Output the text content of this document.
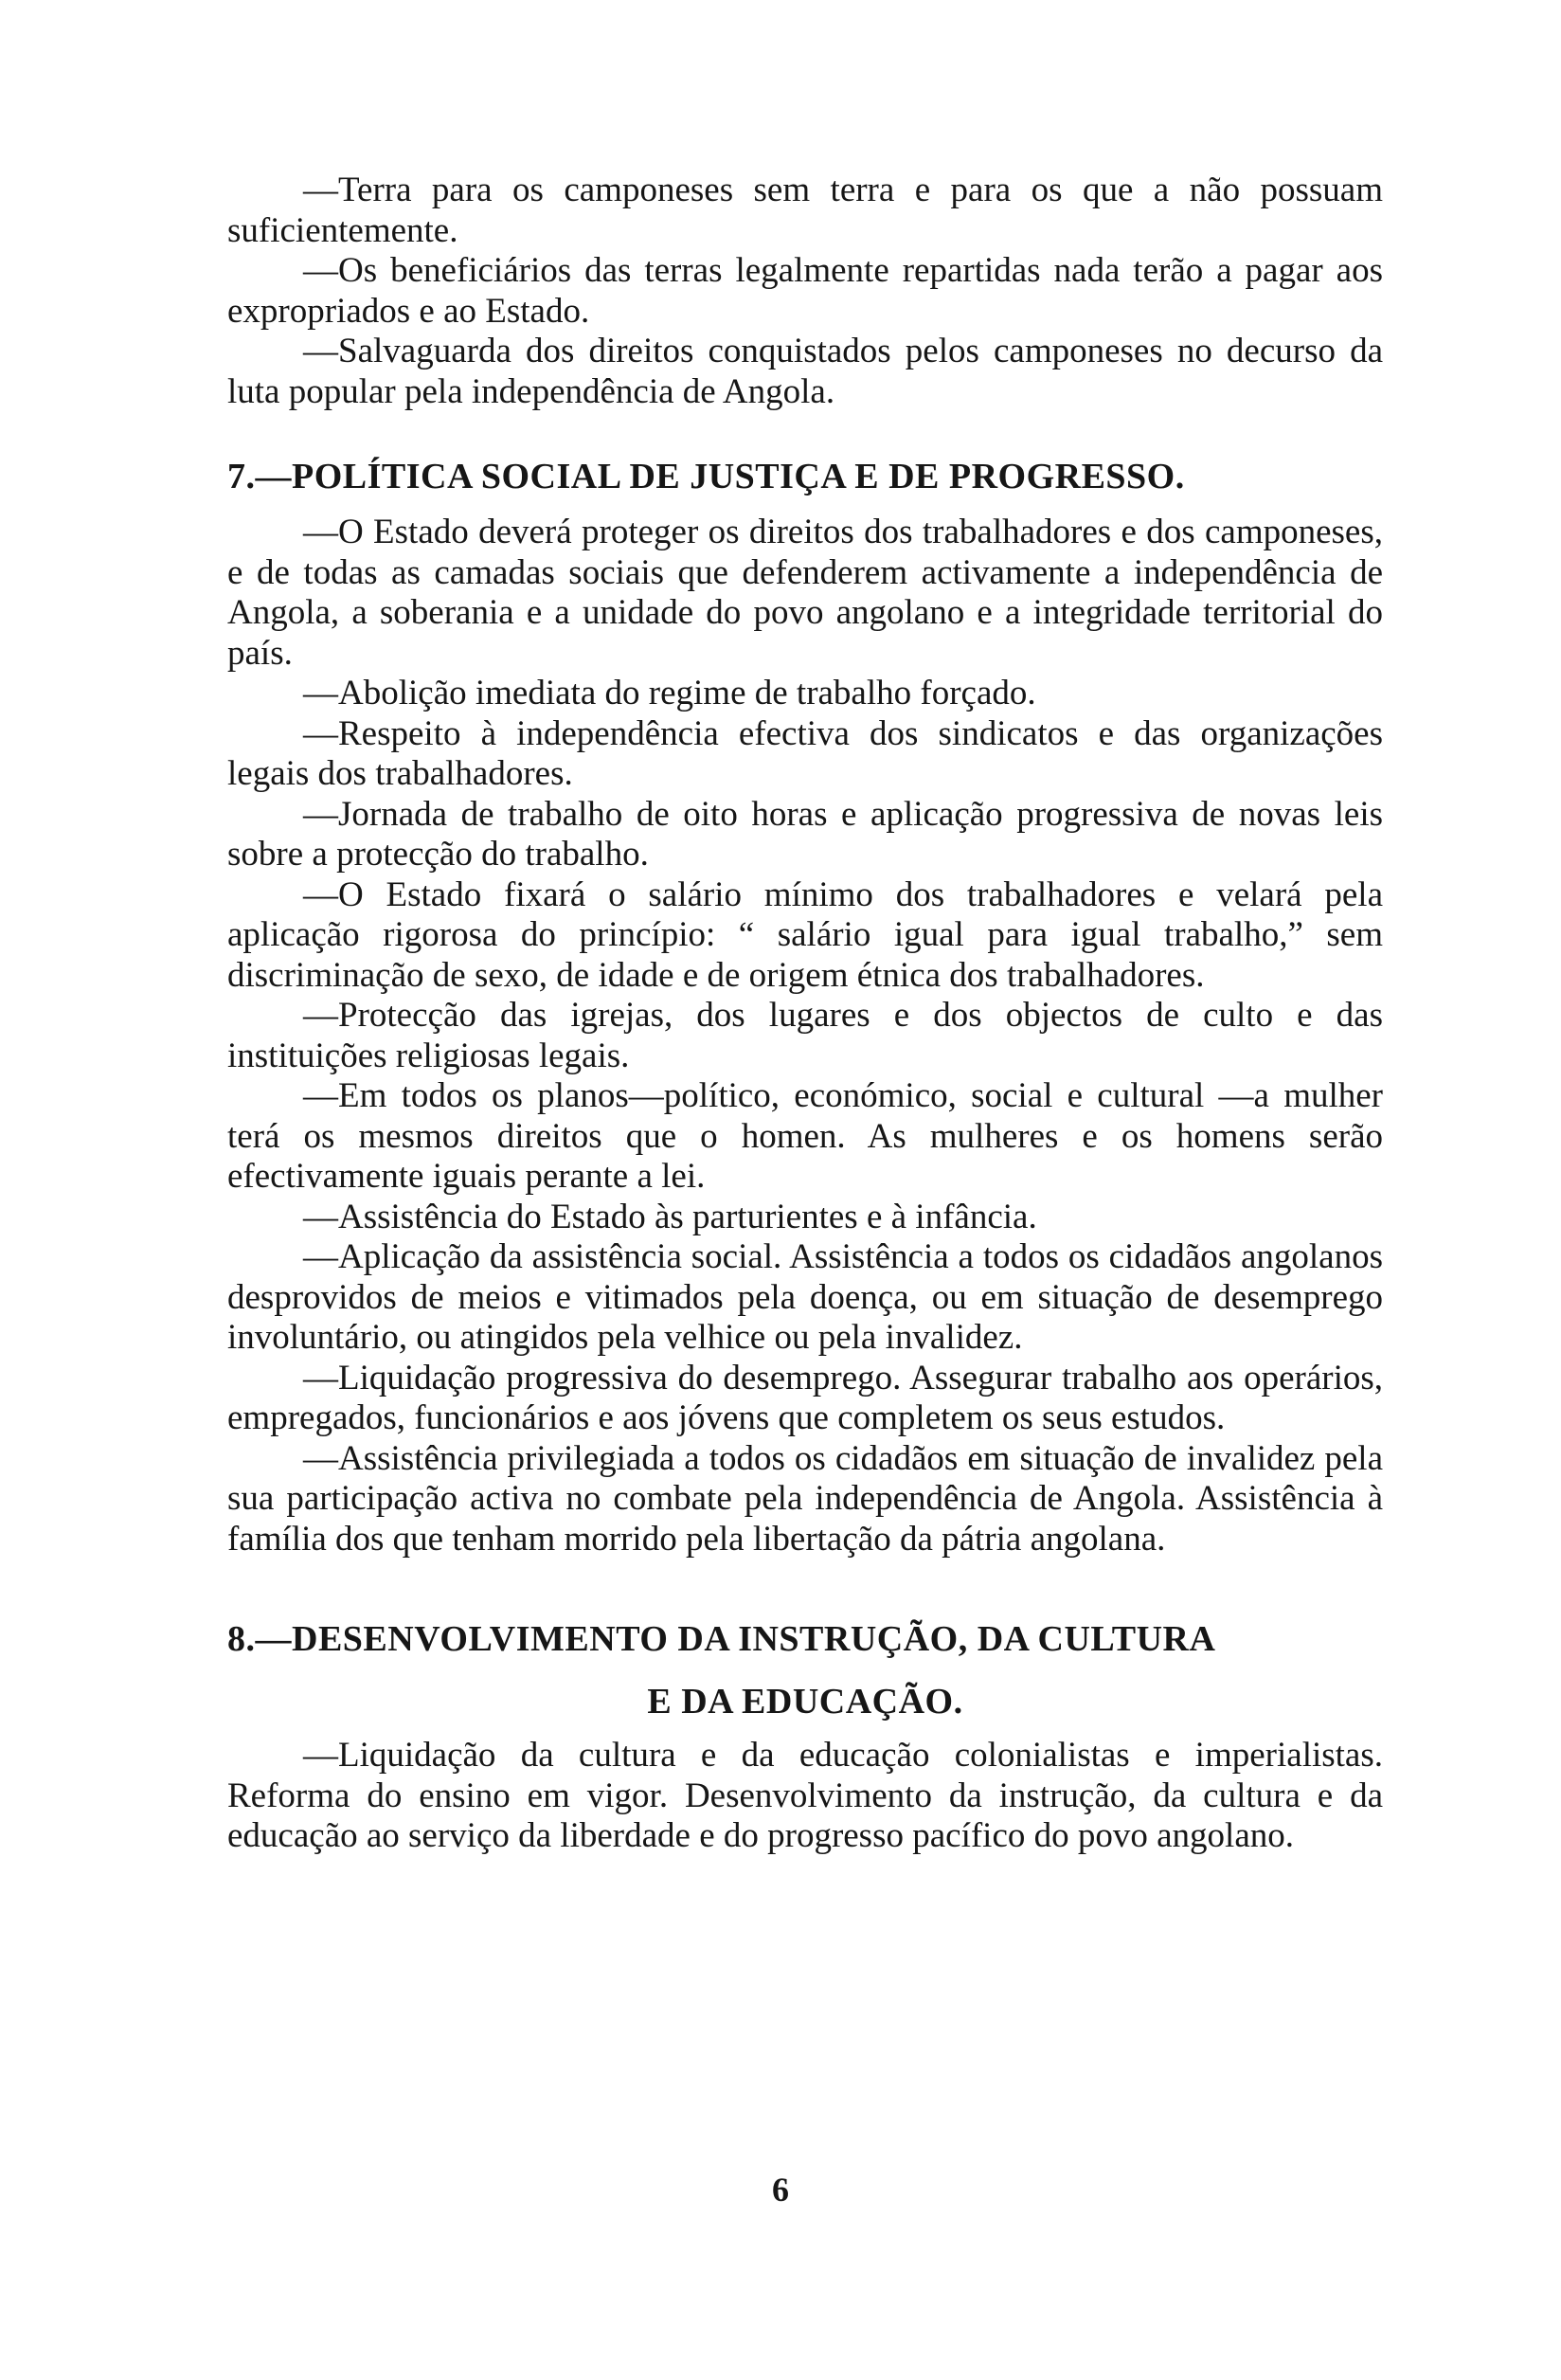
—Terra para os camponeses sem terra e para os que a não possuam suficientemente.

—Os beneficiários das terras legalmente repartidas nada terão a pagar aos expropriados e ao Estado.

—Salvaguarda dos direitos conquistados pelos camponeses no decurso da luta popular pela independência de Angola.

7.—POLÍTICA SOCIAL DE JUSTIÇA E DE PROGRESSO.

—O Estado deverá proteger os direitos dos trabalhadores e dos camponeses, e de todas as camadas sociais que defenderem activamente a independência de Angola, a soberania e a unidade do povo angolano e a integridade territorial do país.

—Abolição imediata do regime de trabalho forçado.

—Respeito à independência efectiva dos sindicatos e das organizações legais dos trabalhadores.

—Jornada de trabalho de oito horas e aplicação progressiva de novas leis sobre a protecção do trabalho.

—O Estado fixará o salário mínimo dos trabalhadores e velará pela aplicação rigorosa do princípio: “ salário igual para igual trabalho,” sem discriminação de sexo, de idade e de origem étnica dos trabalhadores.

—Protecção das igrejas, dos lugares e dos objectos de culto e das instituições religiosas legais.

—Em todos os planos—político, económico, social e cultural —a mulher terá os mesmos direitos que o homen. As mulheres e os homens serão efectivamente iguais perante a lei.

—Assistência do Estado às parturientes e à infância.

—Aplicação da assistência social. Assistência a todos os cidadãos angolanos desprovidos de meios e vitimados pela doença, ou em situação de desemprego involuntário, ou atingidos pela velhice ou pela invalidez.

—Liquidação progressiva do desemprego. Assegurar trabalho aos operários, empregados, funcionários e aos jóvens que completem os seus estudos.

—Assistência privilegiada a todos os cidadãos em situação de invalidez pela sua participação activa no combate pela independência de Angola. Assistência à família dos que tenham morrido pela libertação da pátria angolana.

8.—DESENVOLVIMENTO DA INSTRUÇÃO, DA CULTURA
E DA EDUCAÇÃO.

—Liquidação da cultura e da educação colonialistas e imperialistas. Reforma do ensino em vigor. Desenvolvimento da instrução, da cultura e da educação ao serviço da liberdade e do progresso pacífico do povo angolano.

6
